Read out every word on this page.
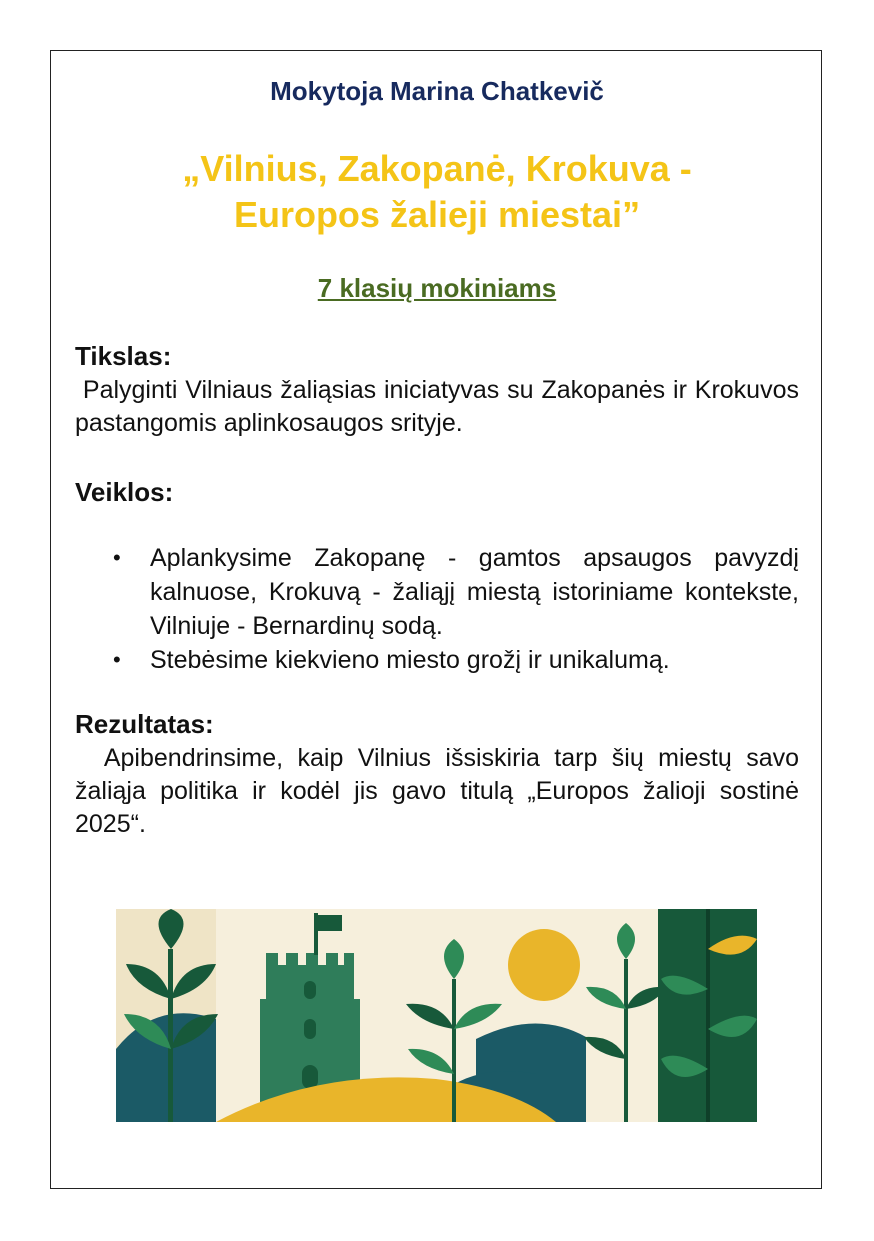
Mokytoja Marina Chatkevič
„Vilnius, Zakopanė, Krokuva -
Europos žalieji miestai”
7 klasių mokiniams
Tikslas:
Palyginti Vilniaus žaliąsias iniciatyvas su Zakopanės ir Krokuvos pastangomis aplinkosaugos srityje.
Veiklos:
• Aplankysime Zakopanę - gamtos apsaugos pavyzdį kalnuose, Krokuvą - žaliąjį miestą istoriniame kontekste, Vilniuje - Bernardinų sodą.
• Stebėsime kiekvieno miesto grožį ir unikalumą.
Rezultatas:
Apibendrinsime, kaip Vilnius išsiskiria tarp šių miestų savo žaliąja politika ir kodėl jis gavo titulą „Europos žalioji sostinė 2025“.
